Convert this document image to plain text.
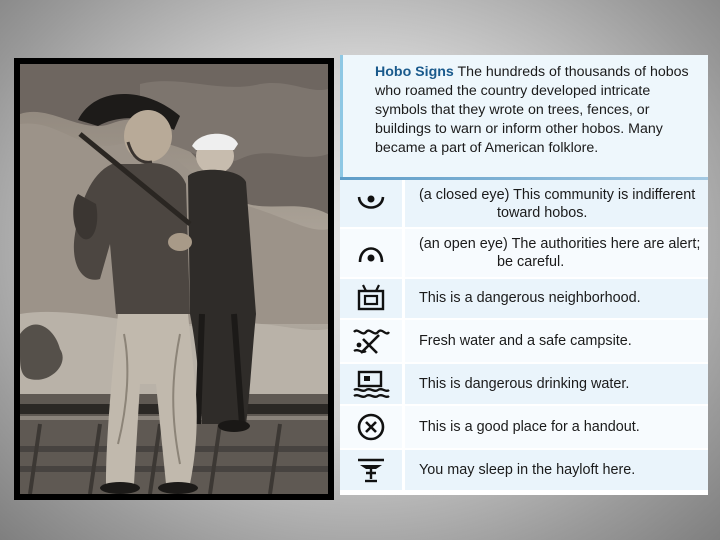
Hobo Signs The hundreds of thousands of hobos who roamed the country developed intricate symbols that they wrote on trees, fences, or buildings to warn or inform other hobos. Many became a part of American folklore.
	(a closed eye) This community is indifferent
toward hobos.

	(an open eye) The authorities here are alert;
be careful.

	This is a dangerous neighborhood.

	Fresh water and a safe campsite.

	This is dangerous drinking water.

	This is a good place for a handout.

	You may sleep in the hayloft here.
